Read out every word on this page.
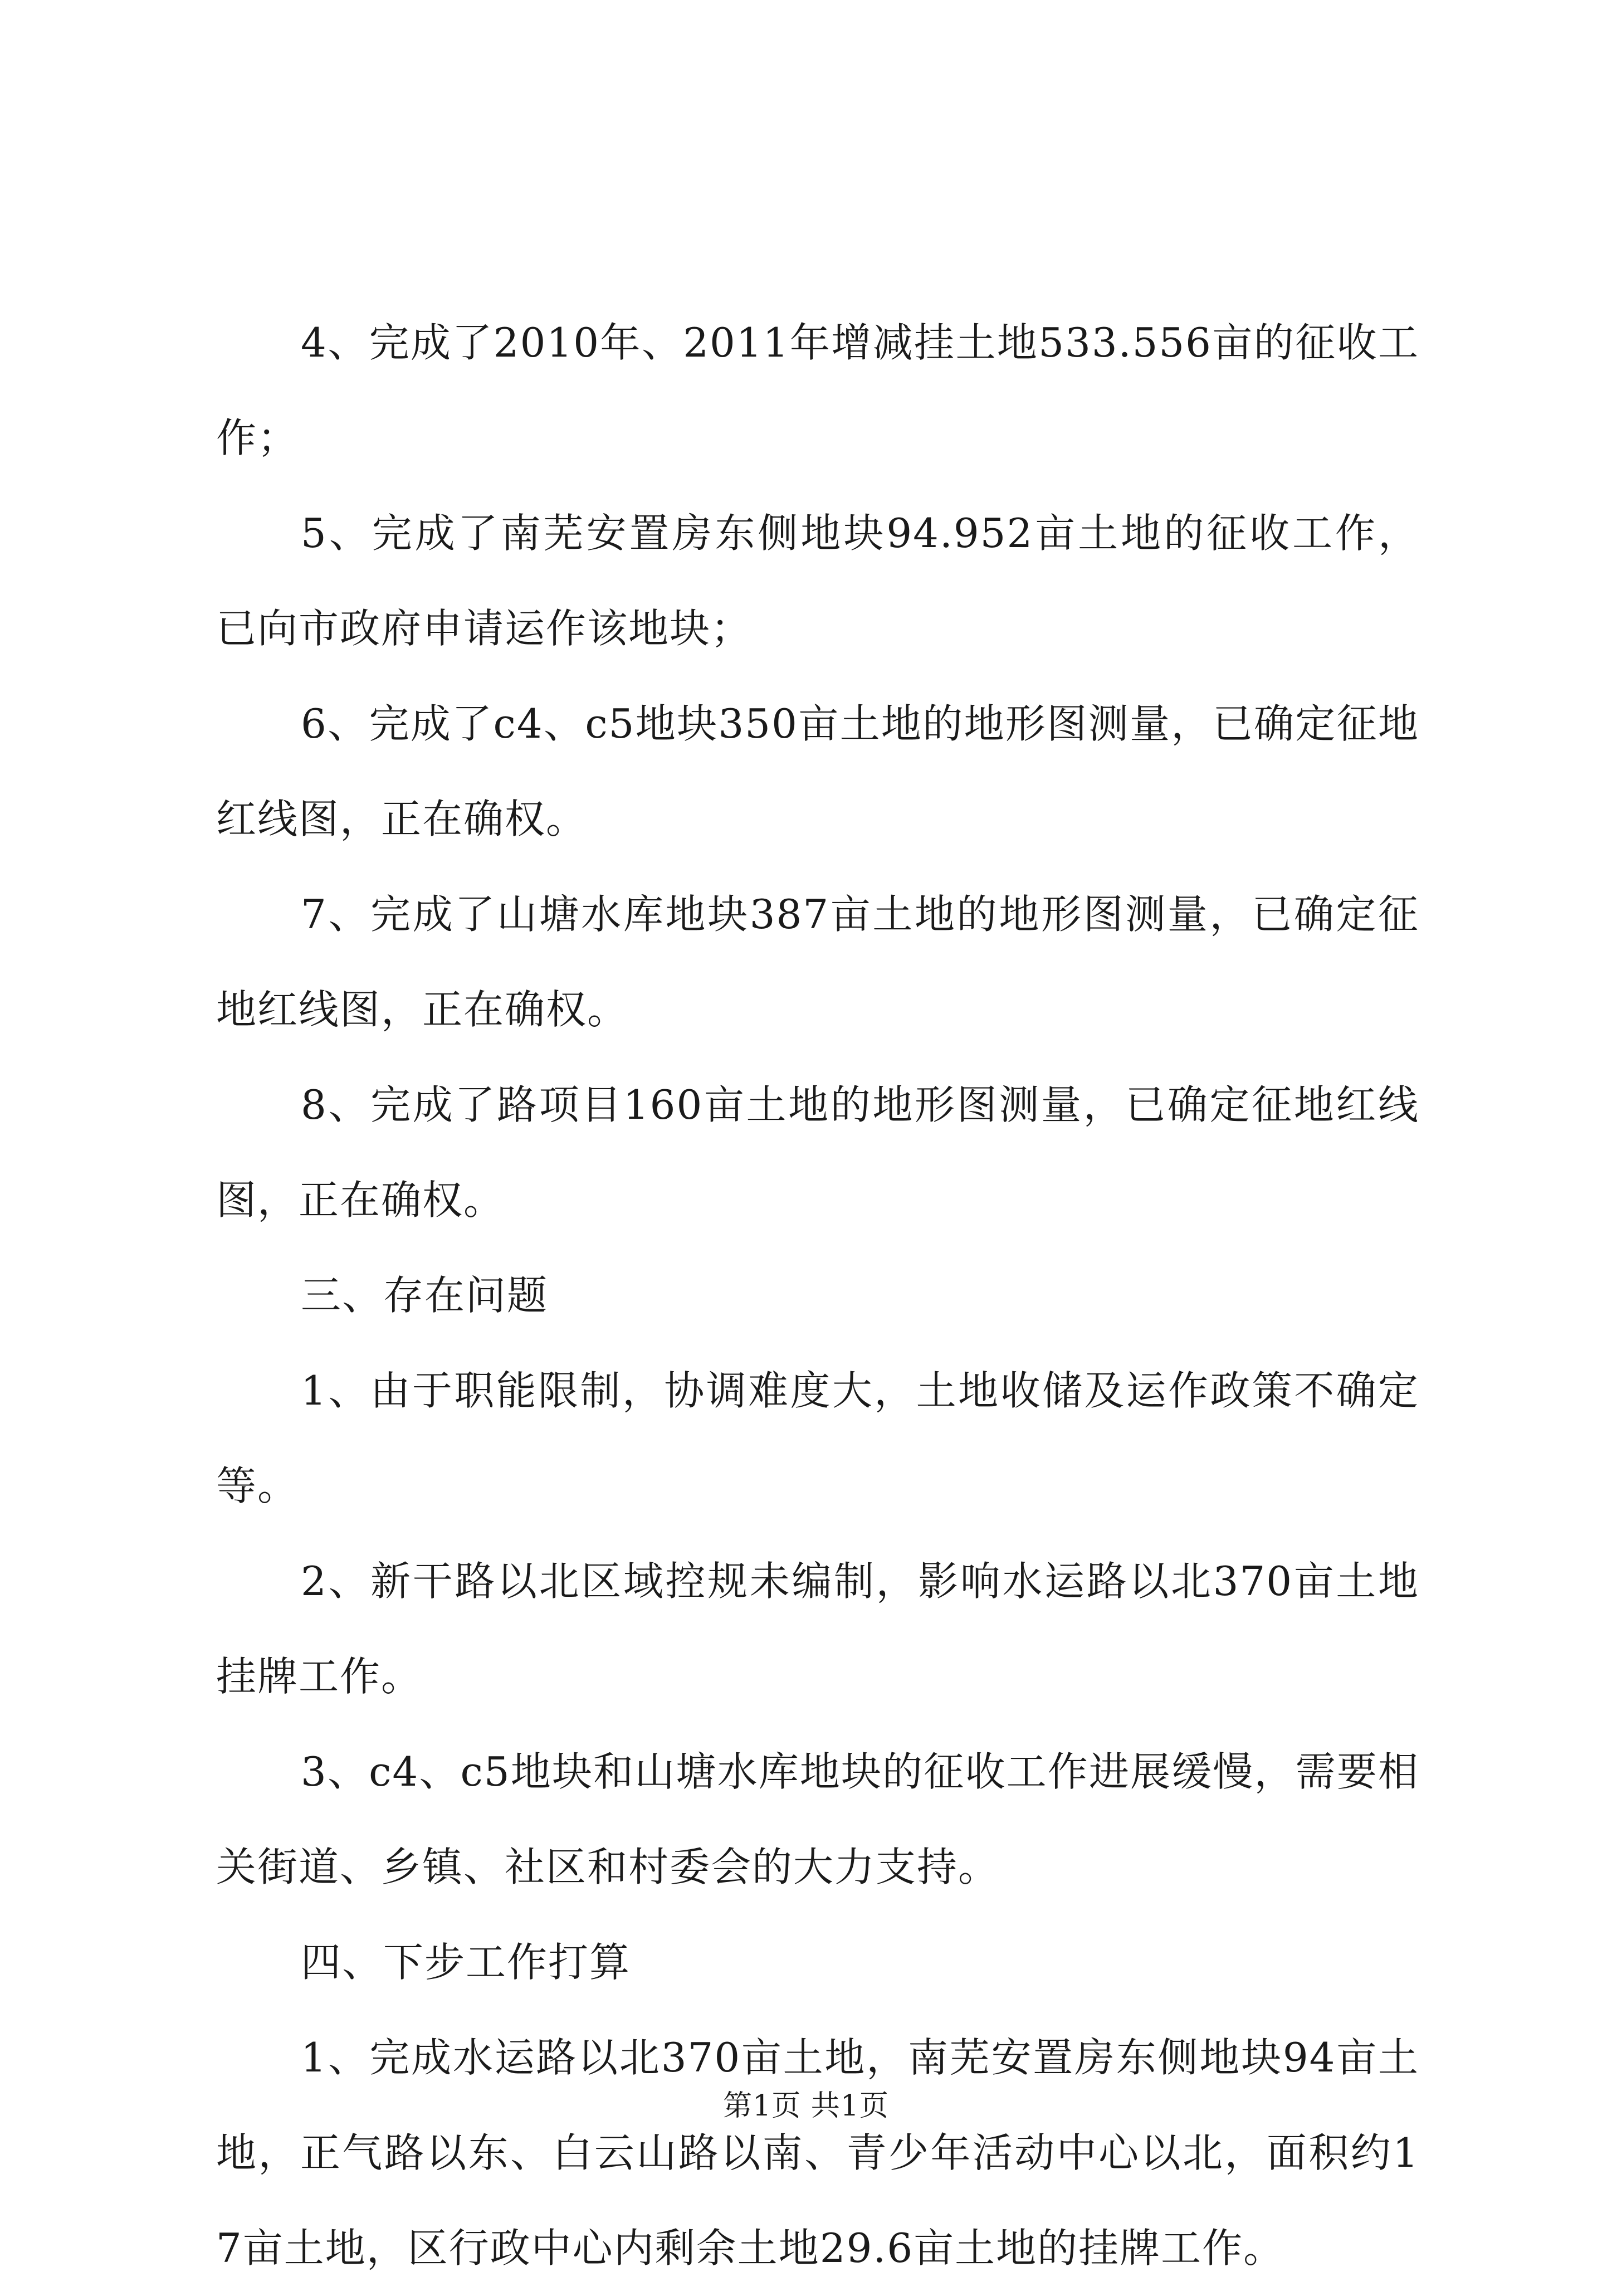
4、完成了2010年、2011年增减挂土地533.556亩的征收工作；

5、完成了南芜安置房东侧地块94.952亩土地的征收工作，已向市政府申请运作该地块；

6、完成了c4、c5地块350亩土地的地形图测量，已确定征地红线图，正在确权。

7、完成了山塘水库地块387亩土地的地形图测量，已确定征地红线图，正在确权。

8、完成了路项目160亩土地的地形图测量，已确定征地红线图，正在确权。

三、存在问题

1、由于职能限制，协调难度大，土地收储及运作政策不确定等。

2、新干路以北区域控规未编制，影响水运路以北370亩土地挂牌工作。

3、c4、c5地块和山塘水库地块的征收工作进展缓慢，需要相关街道、乡镇、社区和村委会的大力支持。

四、下步工作打算

1、完成水运路以北370亩土地，南芜安置房东侧地块94亩土地，正气路以东、白云山路以南、青少年活动中心以北，面积约17亩土地，区行政中心内剩余土地29.6亩土地的挂牌工作。

第1页 共1页
